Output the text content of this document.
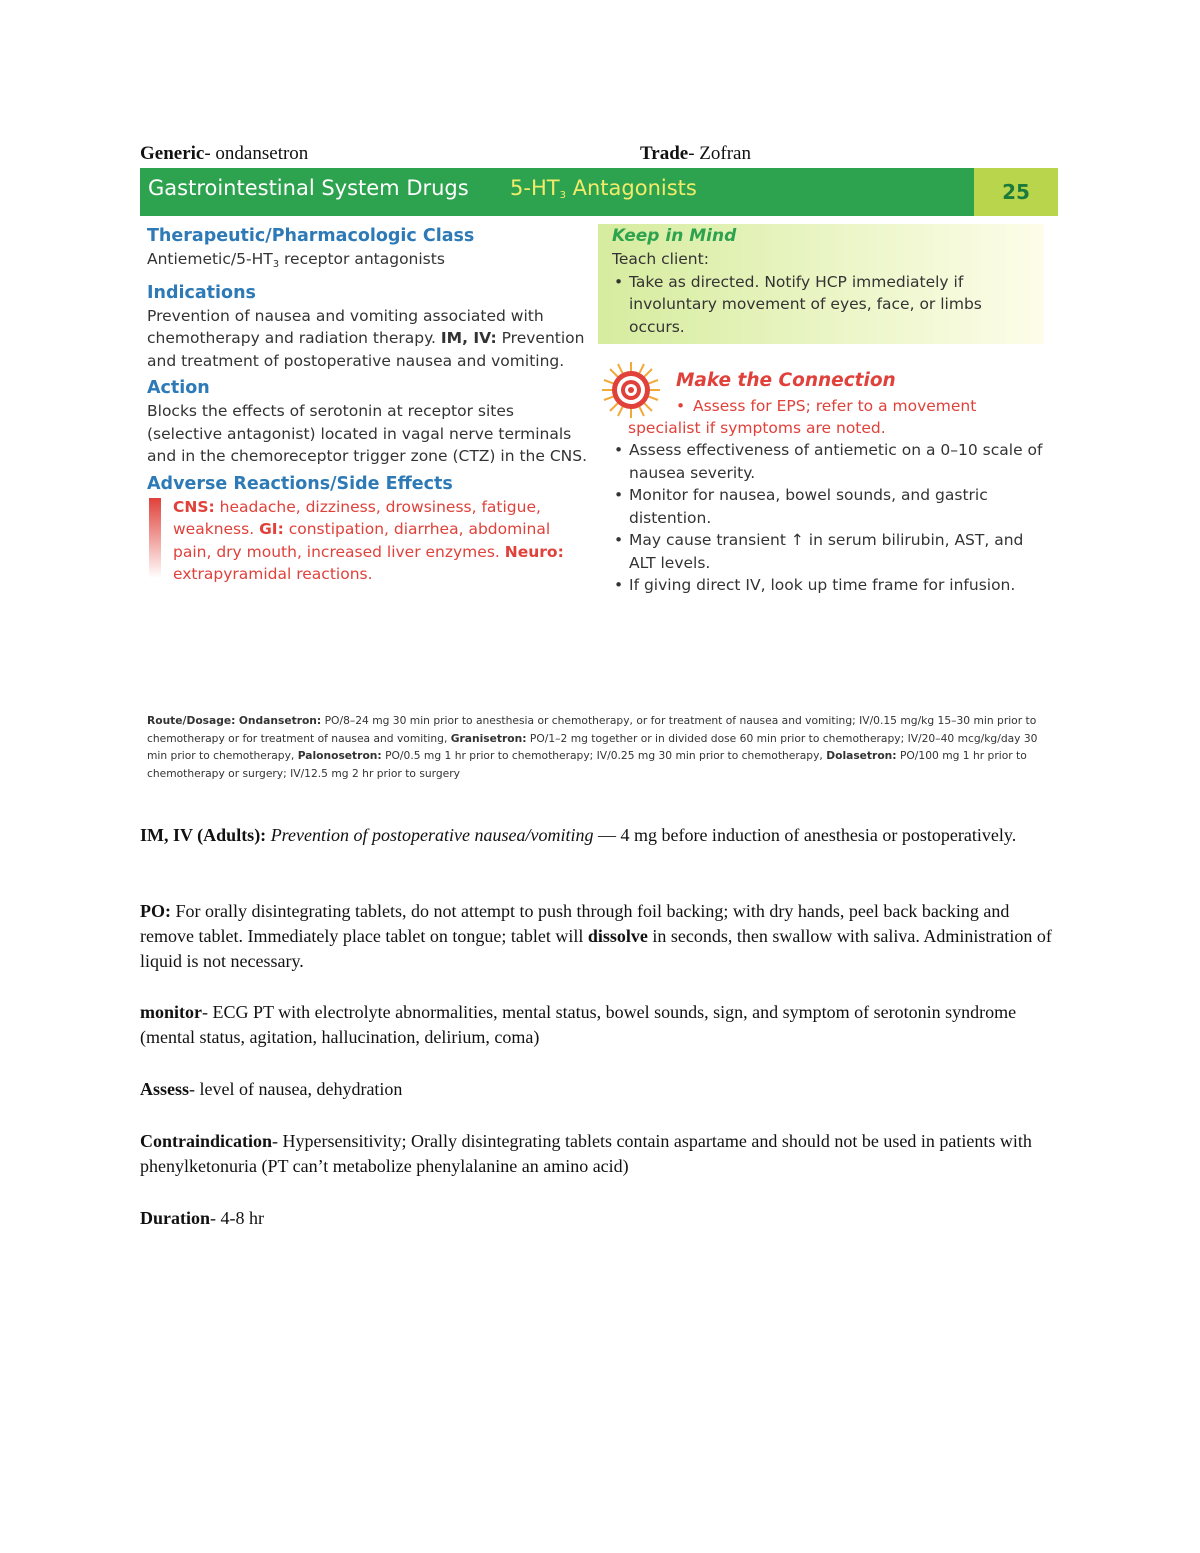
Generic- ondansetron	Trade- Zofran
Gastrointestinal System Drugs 5-HT3 Antagonists	25
Therapeutic/Pharmacologic Class
Antiemetic/5-HT3 receptor antagonists
Indications
Prevention of nausea and vomiting associated with chemotherapy and radiation therapy. IM, IV: Prevention and treatment of postoperative nausea and vomiting.
Action
Blocks the effects of serotonin at receptor sites (selective antagonist) located in vagal nerve terminals and in the chemoreceptor trigger zone (CTZ) in the CNS.
Adverse Reactions/Side Effects
CNS: headache, dizziness, drowsiness, fatigue, weakness. GI: constipation, diarrhea, abdominal pain, dry mouth, increased liver enzymes. Neuro: extrapyramidal reactions.
Keep in Mind
Teach client:
• Take as directed. Notify HCP immediately if involuntary movement of eyes, face, or limbs occurs.
Make the Connection
• Assess for EPS; refer to a movement
specialist if symptoms are noted.
• Assess effectiveness of antiemetic on a 0–10 scale of nausea severity.
• Monitor for nausea, bowel sounds, and gastric distention.
• May cause transient ↑ in serum bilirubin, AST, and ALT levels.
• If giving direct IV, look up time frame for infusion.
Route/Dosage: Ondansetron: PO/8–24 mg 30 min prior to anesthesia or chemotherapy, or for treatment of nausea and vomiting; IV/0.15 mg/kg 15–30 min prior to chemotherapy or for treatment of nausea and vomiting, Granisetron: PO/1–2 mg together or in divided dose 60 min prior to chemotherapy; IV/20–40 mcg/kg/day 30 min prior to chemotherapy, Palonosetron: PO/0.5 mg 1 hr prior to chemotherapy; IV/0.25 mg 30 min prior to chemotherapy, Dolasetron: PO/100 mg 1 hr prior to chemotherapy or surgery; IV/12.5 mg 2 hr prior to surgery

IM, IV (Adults): Prevention of postoperative nausea/vomiting — 4 mg before induction of anesthesia or postoperatively.

PO: For orally disintegrating tablets, do not attempt to push through foil backing; with dry hands, peel back backing and remove tablet. Immediately place tablet on tongue; tablet will dissolve in seconds, then swallow with saliva. Administration of liquid is not necessary.

monitor- ECG PT with electrolyte abnormalities, mental status, bowel sounds, sign, and symptom of serotonin syndrome (mental status, agitation, hallucination, delirium, coma)

Assess- level of nausea, dehydration

Contraindication- Hypersensitivity; Orally disintegrating tablets contain aspartame and should not be used in patients with phenylketonuria (PT can’t metabolize phenylalanine an amino acid)

Duration- 4-8 hr
